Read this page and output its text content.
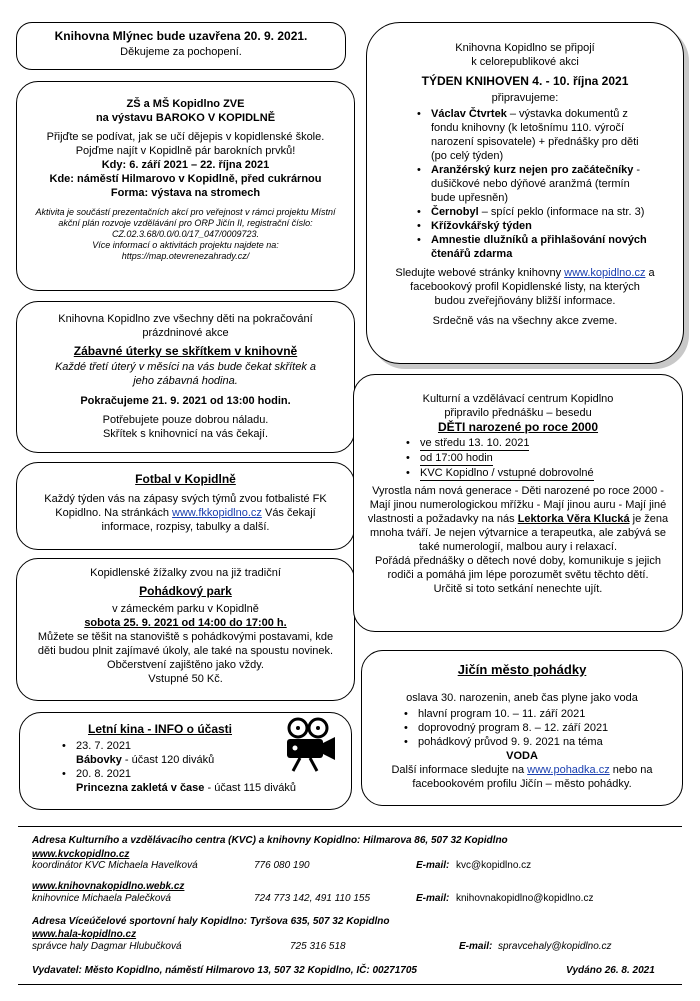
Knihovna Mlýnec bude uzavřena 20. 9. 2021.

Děkujeme za pochopení.

ZŠ a MŠ Kopidlno ZVE

na výstavu BAROKO V KOPIDLNĚ

Přijďte se podívat, jak se učí dějepis v kopidlenské škole. Pojďme najít v Kopidlně pár barokních prvků!

Kdy: 6. září 2021 – 22. října 2021

Kde: náměstí Hilmarovo v Kopidlně, před cukrárnou

Forma: výstava na stromech

Aktivita je součástí prezentačních akcí pro veřejnost v rámci projektu Místní akční plán rozvoje vzdělávání pro ORP Jičín II, registrační číslo: CZ.02.3.68/0.0/0.0/17_047/0009723.

Více informací o aktivitách projektu najdete na:

https://map.otevrenezahrady.cz/

Knihovna Kopidlno zve všechny děti na pokračování prázdninové akce

Zábavné úterky se skřítkem v knihovně

Každé třetí úterý v měsíci na vás bude čekat skřítek a jeho zábavná hodina.

Pokračujeme 21. 9. 2021 od 13:00 hodin.

Potřebujete pouze dobrou náladu.

Skřítek s knihovnicí na vás čekají.

Fotbal v Kopidlně

Každý týden vás na zápasy svých týmů zvou fotbalisté FK Kopidlno. Na stránkách www.fkkopidlno.cz Vás čekají informace, rozpisy, tabulky a další.

Kopidlenské žížalky zvou na již tradiční

Pohádkový park

v zámeckém parku v Kopidlně

sobota 25. 9. 2021 od 14:00 do 17:00 h.

Můžete se těšit na stanoviště s pohádkovými postavami, kde děti budou plnit zajímavé úkoly, ale také na spoustu novinek. Občerstvení zajištěno jako vždy.

Vstupné 50 Kč.

Letní kina - INFO o účasti

• 23. 7. 2021
Bábovky - účast 120 diváků
• 20. 8. 2021
Princezna zakletá v čase - účast 115 diváků

Knihovna Kopidlno se připojí

k celorepublikové akci

TÝDEN KNIHOVEN 4. - 10. října 2021

připravujeme:

• Václav Čtvrtek – výstavka dokumentů z fondu knihovny (k letošnímu 110. výročí narození spisovatele) + přednášky pro děti (po celý týden)
• Aranžérský kurz nejen pro začátečníky - dušičkové nebo dýňové aranžmá (termín bude upřesněn)
• Černobyl – spící peklo (informace na str. 3)
• Křížovkářský týden
• Amnestie dlužníků a přihlašování nových čtenářů zdarma

Sledujte webové stránky knihovny www.kopidlno.cz a facebookový profil Kopidlenské listy, na kterých budou zveřejňovány bližší informace.

Srdečně vás na všechny akce zveme.

Kulturní a vzdělávací centrum Kopidlno

připravilo přednášku – besedu

DĚTI narozené po roce 2000

• ve středu 13. 10. 2021
• od 17:00 hodin
• KVC Kopidlno / vstupné dobrovolné

Vyrostla nám nová generace - Děti narozené po roce 2000 - Mají jinou numerologickou mřížku - Mají jinou auru - Mají jiné vlastnosti a požadavky na nás Lektorka Věra Klucká je žena mnoha tváří. Je nejen výtvarnice a terapeutka, ale zabývá se také numerologií, malbou aury i relaxací.

Pořádá přednášky o dětech nové doby, komunikuje s jejich rodiči a pomáhá jim lépe porozumět světu těchto dětí.

Určitě si toto setkání nenechte ujít.

Jičín město pohádky

oslava 30. narozenin, aneb čas plyne jako voda

• hlavní program 10. – 11. září 2021
• doprovodný program 8. – 12. září 2021
• pohádkový průvod 9. 9. 2021 na téma

VODA

Další informace sledujte na www.pohadka.cz nebo na facebookovém profilu Jičín – město pohádky.

Adresa Kulturního a vzdělávacího centra (KVC) a knihovny Kopidlno: Hilmarova 86, 507 32 Kopidlno
www.kvckopidlno.cz
koordinátor KVC Michaela Havelková	776 080 190	E-mail: kvc@kopidlno.cz
www.knihovnakopidlno.webk.cz
knihovnice Michaela Palečková	724 773 142, 491 110 155	E-mail: knihovnakopidlno@kopidlno.cz
Adresa Víceúčelové sportovní haly Kopidlno: Tyršova 635, 507 32 Kopidlno
www.hala-kopidlno.cz
správce haly Dagmar Hlubučková	725 316 518	E-mail: spravcehaly@kopidlno.cz
Vydavatel: Město Kopidlno, náměstí Hilmarovo 13, 507 32 Kopidlno, IČ: 00271705	Vydáno 26. 8. 2021
